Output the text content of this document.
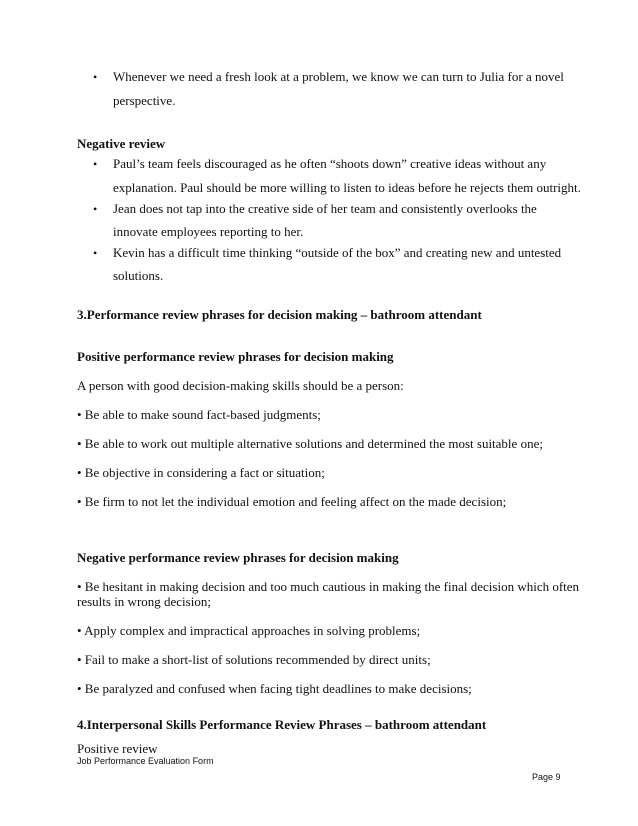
• Whenever we need a fresh look at a problem, we know we can turn to Julia for a novel
perspective.
Negative review
• Paul’s team feels discouraged as he often “shoots down” creative ideas without any
explanation. Paul should be more willing to listen to ideas before he rejects them outright.
• Jean does not tap into the creative side of her team and consistently overlooks the
innovate employees reporting to her.
• Kevin has a difficult time thinking “outside of the box” and creating new and untested
solutions.
3.Performance review phrases for decision making – bathroom attendant
Positive performance review phrases for decision making
A person with good decision-making skills should be a person:
• Be able to make sound fact-based judgments;
• Be able to work out multiple alternative solutions and determined the most suitable one;
• Be objective in considering a fact or situation;
• Be firm to not let the individual emotion and feeling affect on the made decision;
Negative performance review phrases for decision making
• Be hesitant in making decision and too much cautious in making the final decision which often results in wrong decision;
• Apply complex and impractical approaches in solving problems;
• Fail to make a short-list of solutions recommended by direct units;
• Be paralyzed and confused when facing tight deadlines to make decisions;
4.Interpersonal Skills Performance Review Phrases – bathroom attendant
Positive review
Job Performance Evaluation Form
Page 9
